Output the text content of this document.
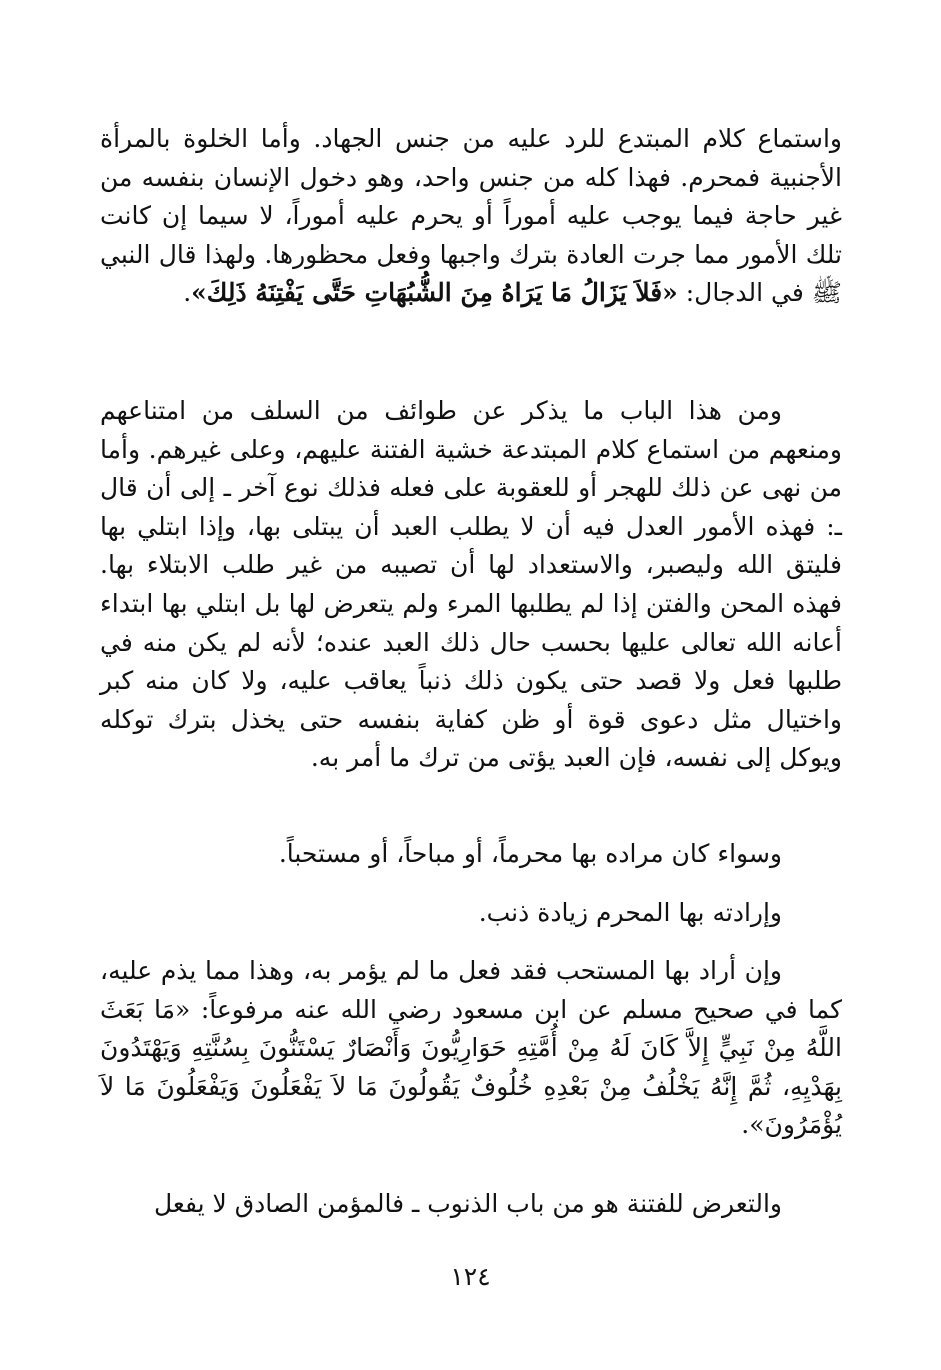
واستماع كلام المبتدع للرد عليه من جنس الجهاد. وأما الخلوة بالمرأة الأجنبية فمحرم. فهذا كله من جنس واحد، وهو دخول الإنسان بنفسه من غير حاجة فيما يوجب عليه أموراً أو يحرم عليه أموراً، لا سيما إن كانت تلك الأمور مما جرت العادة بترك واجبها وفعل محظورها. ولهذا قال النبي ﷺ في الدجال: «فَلاَ يَزَالُ مَا يَرَاهُ مِنَ الشُّبُهَاتِ حَتَّى يَفْتِنَهُ ذَلِكَ».

ومن هذا الباب ما يذكر عن طوائف من السلف من امتناعهم ومنعهم من استماع كلام المبتدعة خشية الفتنة عليهم، وعلى غيرهم. وأما من نهى عن ذلك للهجر أو للعقوبة على فعله فذلك نوع آخر ـ إلى أن قال ـ: فهذه الأمور العدل فيه أن لا يطلب العبد أن يبتلى بها، وإذا ابتلي بها فليتق الله وليصبر، والاستعداد لها أن تصيبه من غير طلب الابتلاء بها. فهذه المحن والفتن إذا لم يطلبها المرء ولم يتعرض لها بل ابتلي بها ابتداء أعانه الله تعالى عليها بحسب حال ذلك العبد عنده؛ لأنه لم يكن منه في طلبها فعل ولا قصد حتى يكون ذلك ذنباً يعاقب عليه، ولا كان منه كبر واختيال مثل دعوى قوة أو ظن كفاية بنفسه حتى يخذل بترك توكله ويوكل إلى نفسه، فإن العبد يؤتى من ترك ما أمر به.

وسواء كان مراده بها محرماً، أو مباحاً، أو مستحباً.

وإرادته بها المحرم زيادة ذنب.

وإن أراد بها المستحب فقد فعل ما لم يؤمر به، وهذا مما يذم عليه، كما في صحيح مسلم عن ابن مسعود رضي الله عنه مرفوعاً: «مَا بَعَثَ اللَّهُ مِنْ نَبِيٍّ إِلاَّ كَانَ لَهُ مِنْ أُمَّتِهِ حَوَارِيُّونَ وَأَنْصَارٌ يَسْتَنُّونَ بِسُنَّتِهِ وَيَهْتَدُونَ بِهَدْيِهِ، ثُمَّ إِنَّهُ يَخْلُفُ مِنْ بَعْدِهِ خُلُوفٌ يَقُولُونَ مَا لاَ يَفْعَلُونَ وَيَفْعَلُونَ مَا لاَ يُؤْمَرُونَ».

والتعرض للفتنة هو من باب الذنوب ـ فالمؤمن الصادق لا يفعل

١٢٤
